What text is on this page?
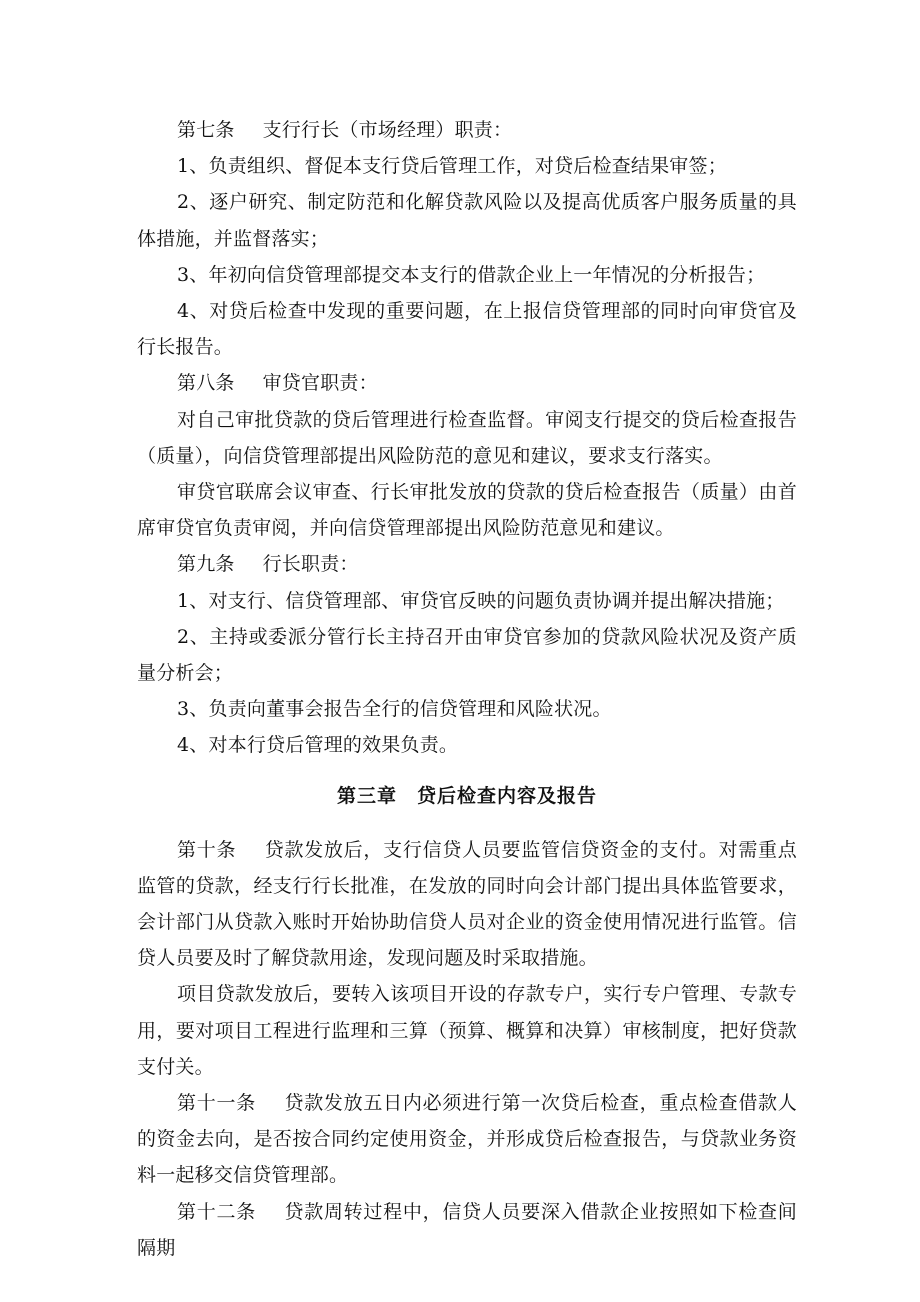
第七条 支行行长（市场经理）职责：

1、负责组织、督促本支行贷后管理工作，对贷后检查结果审签；

2、逐户研究、制定防范和化解贷款风险以及提高优质客户服务质量的具体措施，并监督落实；

3、年初向信贷管理部提交本支行的借款企业上一年情况的分析报告；

4、对贷后检查中发现的重要问题，在上报信贷管理部的同时向审贷官及行长报告。

第八条 审贷官职责：

对自己审批贷款的贷后管理进行检查监督。审阅支行提交的贷后检查报告（质量），向信贷管理部提出风险防范的意见和建议，要求支行落实。

审贷官联席会议审查、行长审批发放的贷款的贷后检查报告（质量）由首席审贷官负责审阅，并向信贷管理部提出风险防范意见和建议。

第九条 行长职责：

1、对支行、信贷管理部、审贷官反映的问题负责协调并提出解决措施；

2、主持或委派分管行长主持召开由审贷官参加的贷款风险状况及资产质量分析会；

3、负责向董事会报告全行的信贷管理和风险状况。

4、对本行贷后管理的效果负责。

第三章　贷后检查内容及报告

第十条 贷款发放后，支行信贷人员要监管信贷资金的支付。对需重点监管的贷款，经支行行长批准，在发放的同时向会计部门提出具体监管要求，会计部门从贷款入账时开始协助信贷人员对企业的资金使用情况进行监管。信贷人员要及时了解贷款用途，发现问题及时采取措施。

项目贷款发放后，要转入该项目开设的存款专户，实行专户管理、专款专用，要对项目工程进行监理和三算（预算、概算和决算）审核制度，把好贷款支付关。

第十一条 贷款发放五日内必须进行第一次贷后检查，重点检查借款人的资金去向，是否按合同约定使用资金，并形成贷后检查报告，与贷款业务资料一起移交信贷管理部。

第十二条 贷款周转过程中，信贷人员要深入借款企业按照如下检查间隔期
